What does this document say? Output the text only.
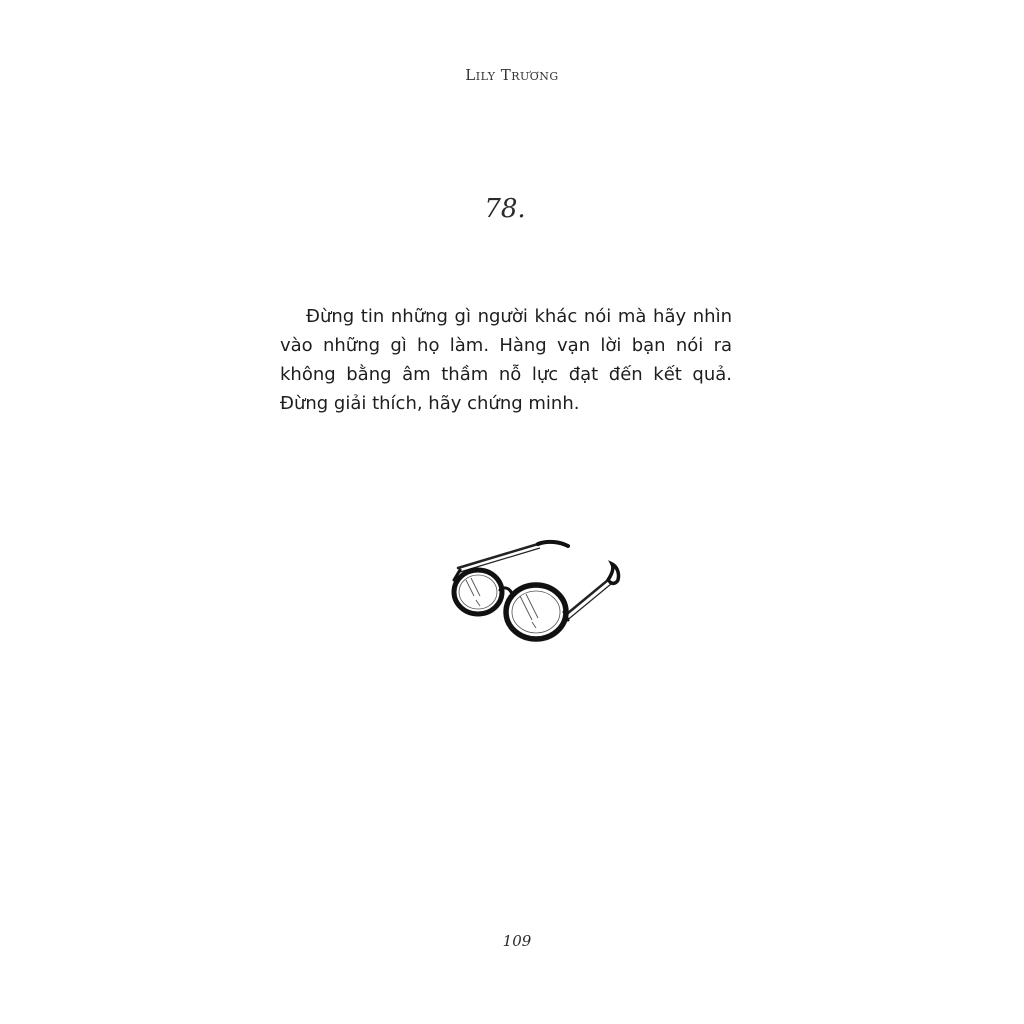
Lily Trương
78.

Đừng tin những gì người khác nói mà hãy nhìn vào những gì họ làm. Hàng vạn lời bạn nói ra không bằng âm thầm nỗ lực đạt đến kết quả. Đừng giải thích, hãy chứng minh.

109
